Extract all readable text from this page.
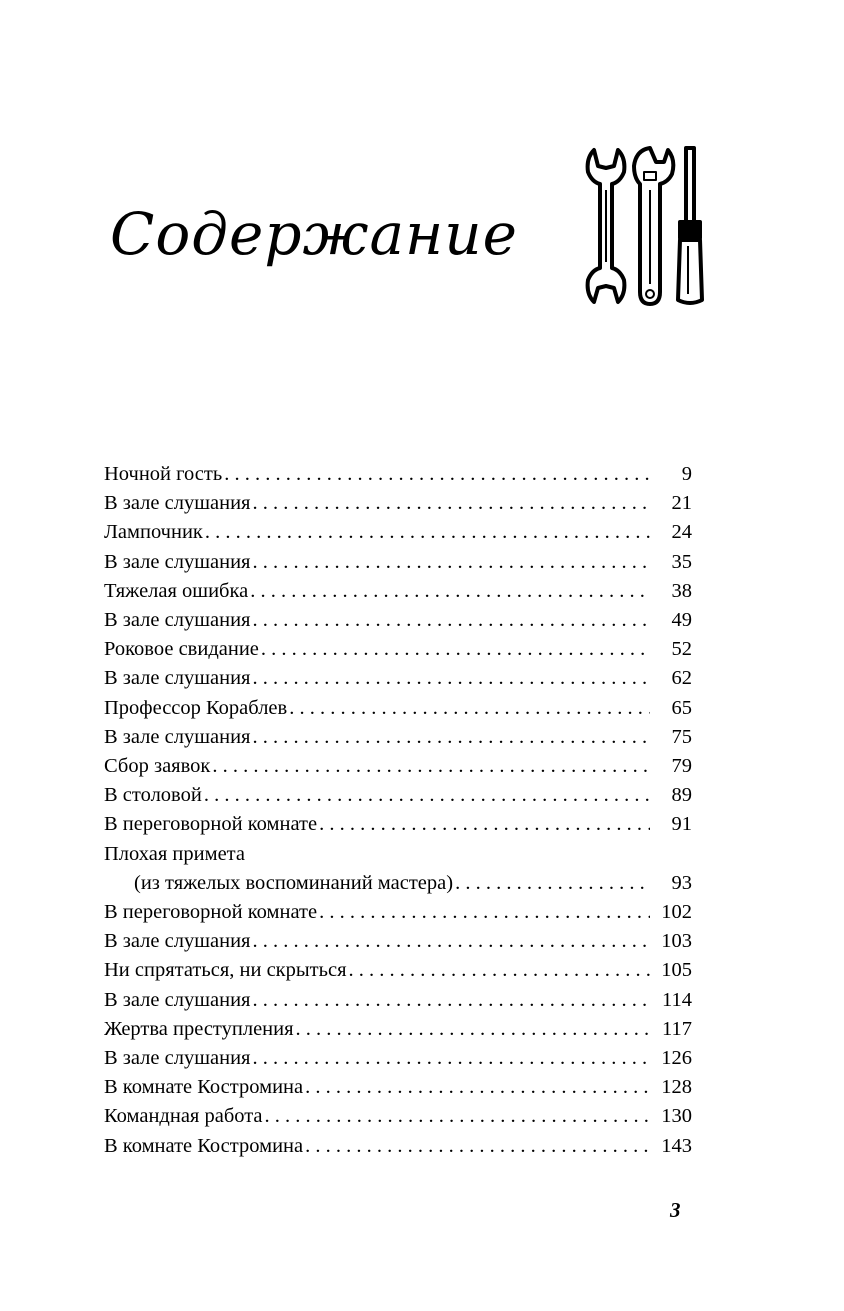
Содержание
Ночной гость . . .	9
В зале слушания . . .	21
Лампочник . . .	24
В зале слушания . . .	35
Тяжелая ошибка . . .	38
В зале слушания . . .	49
Роковое свидание . . .	52
В зале слушания . . .	62
Профессор Кораблев . . .	65
В зале слушания . . .	75
Сбор заявок . . .	79
В столовой . . .	89
В переговорной комнате . . .	91
Плохая примета
(из тяжелых воспоминаний мастера) . . .	93
В переговорной комнате . . .	102
В зале слушания . . .	103
Ни спрятаться, ни скрыться . . .	105
В зале слушания . . .	114
Жертва преступления . . .	117
В зале слушания . . .	126
В комнате Костромина . . .	128
Командная работа . . .	130
В комнате Костромина . . .	143
3
